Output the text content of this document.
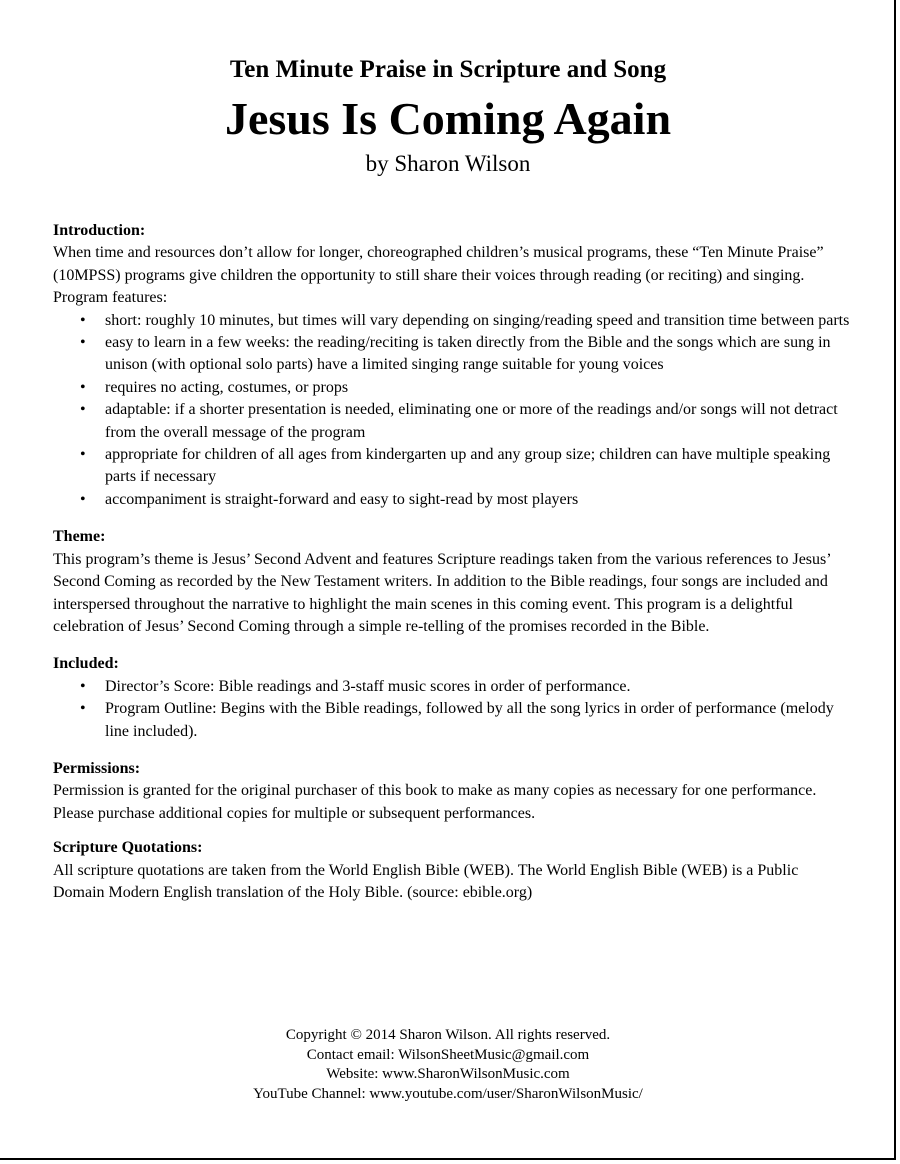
Ten Minute Praise in Scripture and Song
Jesus Is Coming Again
by Sharon Wilson
Introduction:

When time and resources don’t allow for longer, choreographed children’s musical programs, these “Ten Minute Praise” (10MPSS) programs give children the opportunity to still share their voices through reading (or reciting) and singing. Program features:

• short: roughly 10 minutes, but times will vary depending on singing/reading speed and transition time between parts
• easy to learn in a few weeks: the reading/reciting is taken directly from the Bible and the songs which are sung in unison (with optional solo parts) have a limited singing range suitable for young voices
• requires no acting, costumes, or props
• adaptable: if a shorter presentation is needed, eliminating one or more of the readings and/or songs will not detract from the overall message of the program
• appropriate for children of all ages from kindergarten up and any group size; children can have multiple speaking parts if necessary
• accompaniment is straight-forward and easy to sight-read by most players
Theme:

This program’s theme is Jesus’ Second Advent and features Scripture readings taken from the various references to Jesus’ Second Coming as recorded by the New Testament writers. In addition to the Bible readings, four songs are included and interspersed throughout the narrative to highlight the main scenes in this coming event. This program is a delightful celebration of Jesus’ Second Coming through a simple re-telling of the promises recorded in the Bible.

Included:
• Director’s Score: Bible readings and 3-staff music scores in order of performance.
• Program Outline: Begins with the Bible readings, followed by all the song lyrics in order of performance (melody line included).
Permissions:

Permission is granted for the original purchaser of this book to make as many copies as necessary for one performance. Please purchase additional copies for multiple or subsequent performances.

Scripture Quotations:

All scripture quotations are taken from the World English Bible (WEB). The World English Bible (WEB) is a Public Domain Modern English translation of the Holy Bible. (source: ebible.org)

Copyright © 2014 Sharon Wilson. All rights reserved.
Contact email: WilsonSheetMusic@gmail.com
Website: www.SharonWilsonMusic.com
YouTube Channel: www.youtube.com/user/SharonWilsonMusic/
